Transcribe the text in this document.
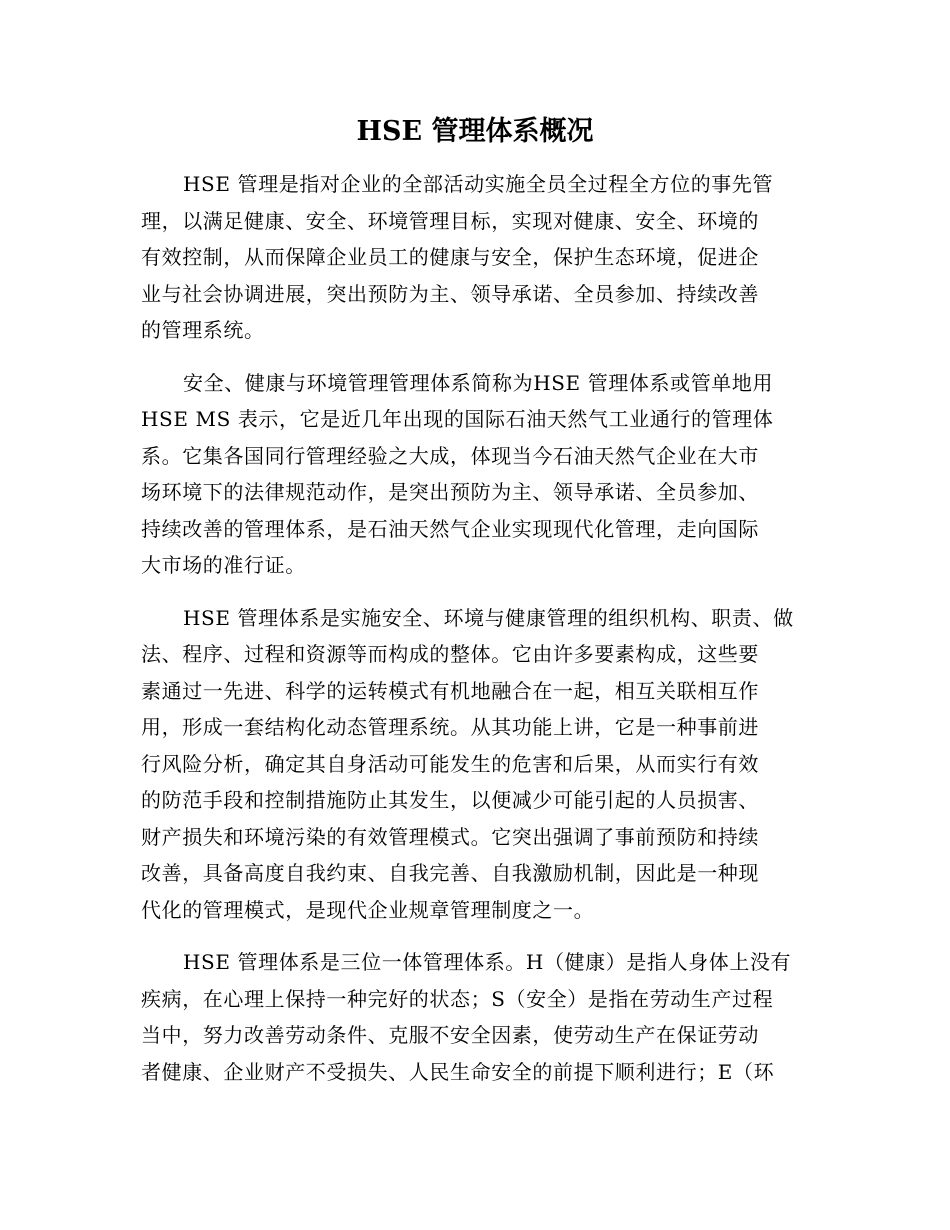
HSE 管理体系概况

HSE 管理是指对企业的全部活动实施全员全过程全方位的事先管
理，以满足健康、安全、环境管理目标，实现对健康、安全、环境的
有效控制，从而保障企业员工的健康与安全，保护生态环境，促进企
业与社会协调进展，突出预防为主、领导承诺、全员参加、持续改善
的管理系统。

安全、健康与环境管理管理体系简称为HSE 管理体系或管单地用
HSE MS 表示，它是近几年出现的国际石油天然气工业通行的管理体
系。它集各国同行管理经验之大成，体现当今石油天然气企业在大市
场环境下的法律规范动作，是突出预防为主、领导承诺、全员参加、
持续改善的管理体系，是石油天然气企业实现现代化管理，走向国际
大市场的准行证。

HSE 管理体系是实施安全、环境与健康管理的组织机构、职责、做
法、程序、过程和资源等而构成的整体。它由许多要素构成，这些要
素通过一先进、科学的运转模式有机地融合在一起，相互关联相互作
用，形成一套结构化动态管理系统。从其功能上讲，它是一种事前进
行风险分析，确定其自身活动可能发生的危害和后果，从而实行有效
的防范手段和控制措施防止其发生，以便减少可能引起的人员损害、
财产损失和环境污染的有效管理模式。它突出强调了事前预防和持续
改善，具备高度自我约束、自我完善、自我激励机制，因此是一种现
代化的管理模式，是现代企业规章管理制度之一。

HSE 管理体系是三位一体管理体系。H（健康）是指人身体上没有
疾病，在心理上保持一种完好的状态；S（安全）是指在劳动生产过程
当中，努力改善劳动条件、克服不安全因素，使劳动生产在保证劳动
者健康、企业财产不受损失、人民生命安全的前提下顺利进行；E（环
